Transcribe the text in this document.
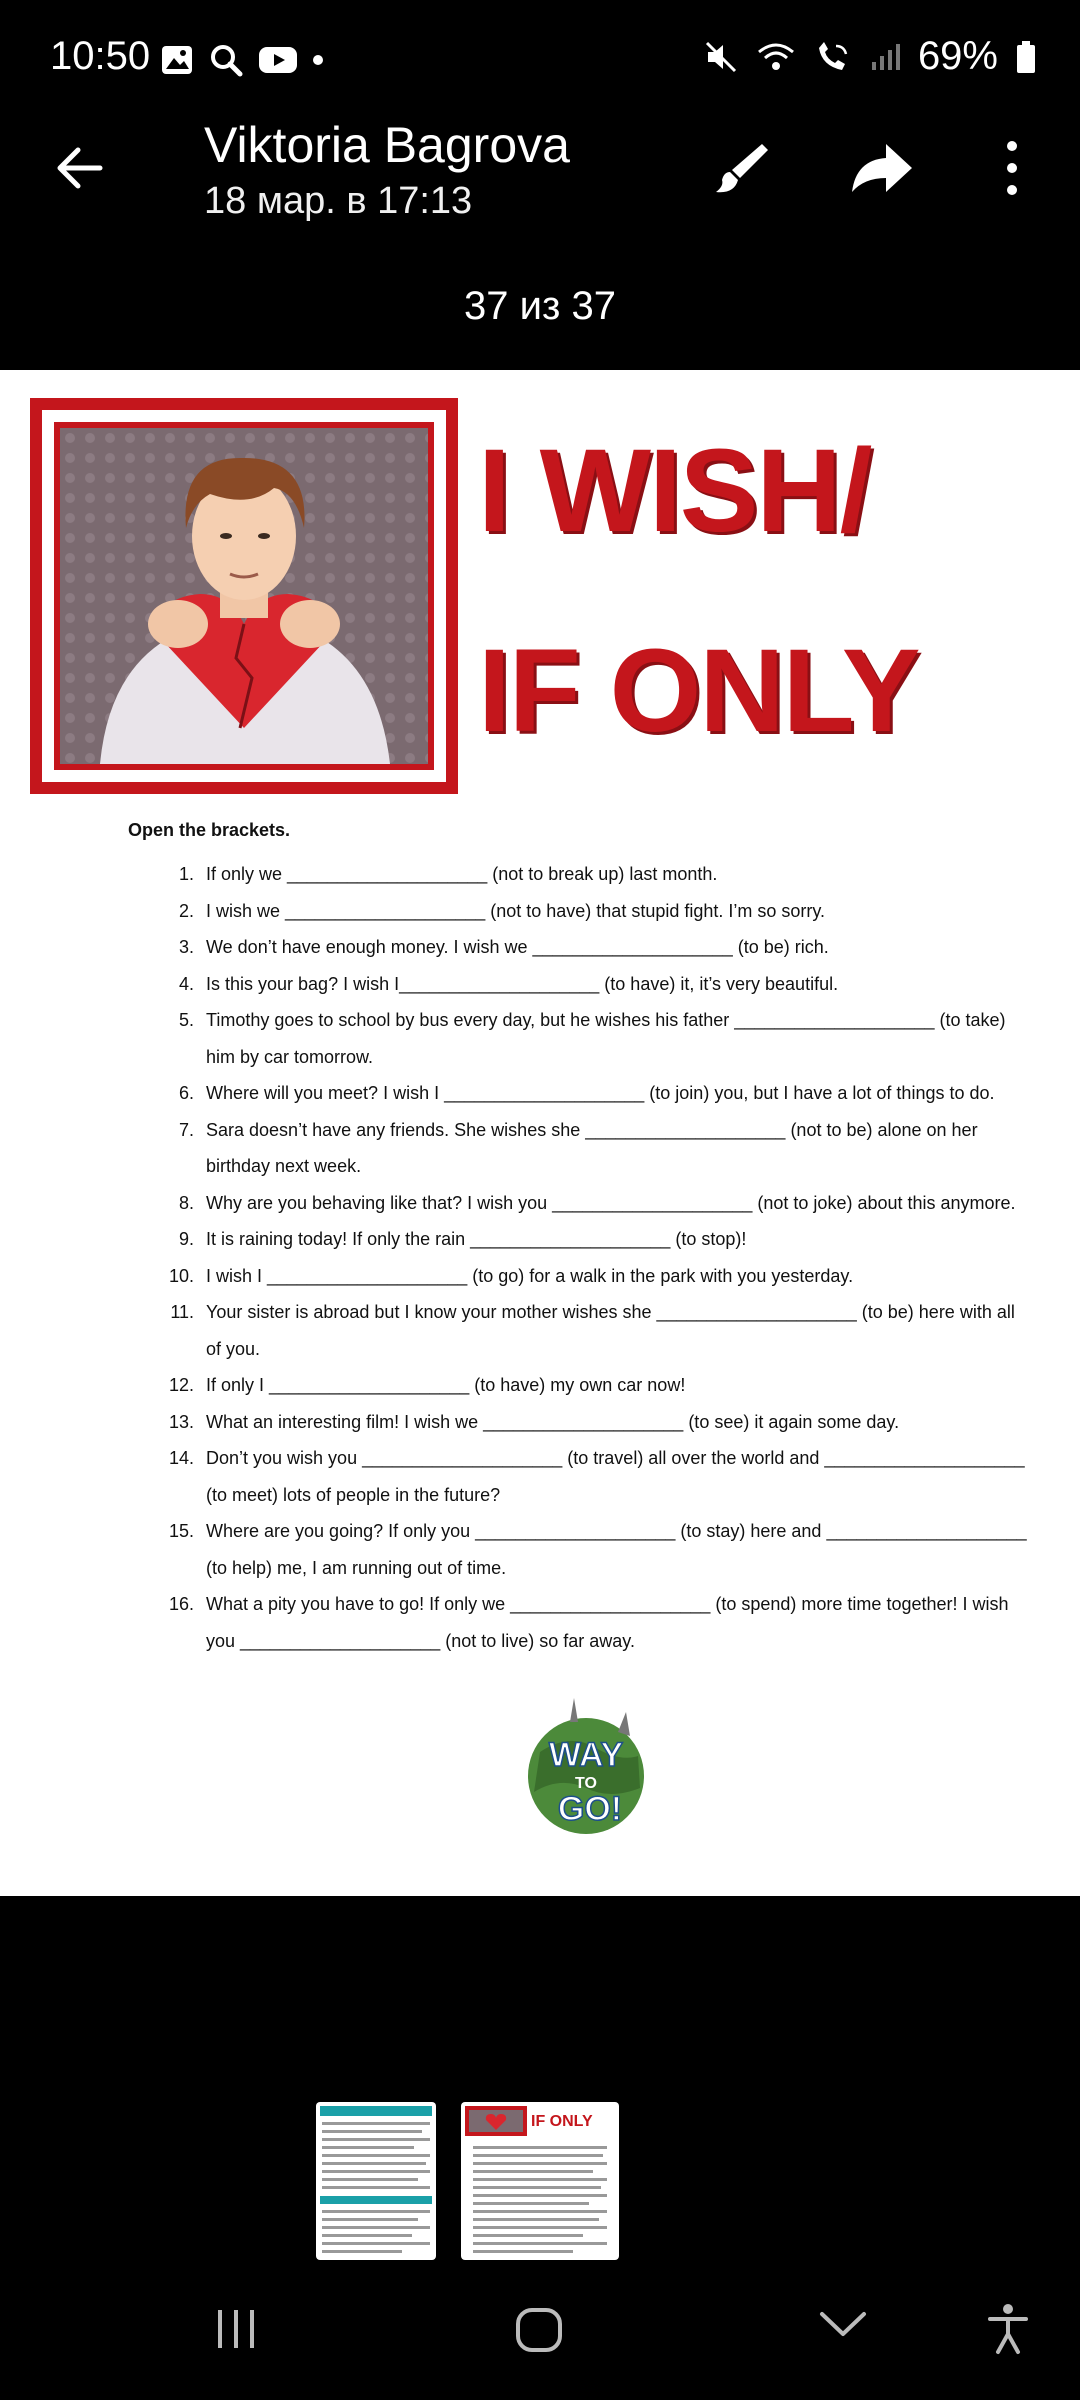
10:50	69%
Viktoria Bagrova
18 мар. в 17:13
37 из 37
I WISH/
IF ONLY
Open the brackets.
1. If only we ____________________ (not to break up) last month.
2. I wish we ____________________ (not to have) that stupid fight. I’m so sorry.
3. We don’t have enough money. I wish we ____________________ (to be) rich.
4. Is this your bag? I wish I____________________ (to have) it, it’s very beautiful.
5. Timothy goes to school by bus every day, but he wishes his father ____________________ (to take) him by car tomorrow.
6. Where will you meet? I wish I ____________________ (to join) you, but I have a lot of things to do.
7. Sara doesn’t have any friends. She wishes she ____________________ (not to be) alone on her birthday next week.
8. Why are you behaving like that? I wish you ____________________ (not to joke) about this anymore.
9. It is raining today! If only the rain ____________________ (to stop)!
10. I wish I ____________________ (to go) for a walk in the park with you yesterday.
11. Your sister is abroad but I know your mother wishes she ____________________ (to be) here with all of you.
12. If only I ____________________ (to have) my own car now!
13. What an interesting film! I wish we ____________________ (to see) it again some day.
14. Don’t you wish you ____________________ (to travel) all over the world and ____________________ (to meet) lots of people in the future?
15. Where are you going? If only you ____________________ (to stay) here and ____________________ (to help) me, I am running out of time.
16. What a pity you have to go! If only we ____________________ (to spend) more time together! I wish you ____________________ (not to live) so far away.
WAY
TO
GO!
IF ONLY
